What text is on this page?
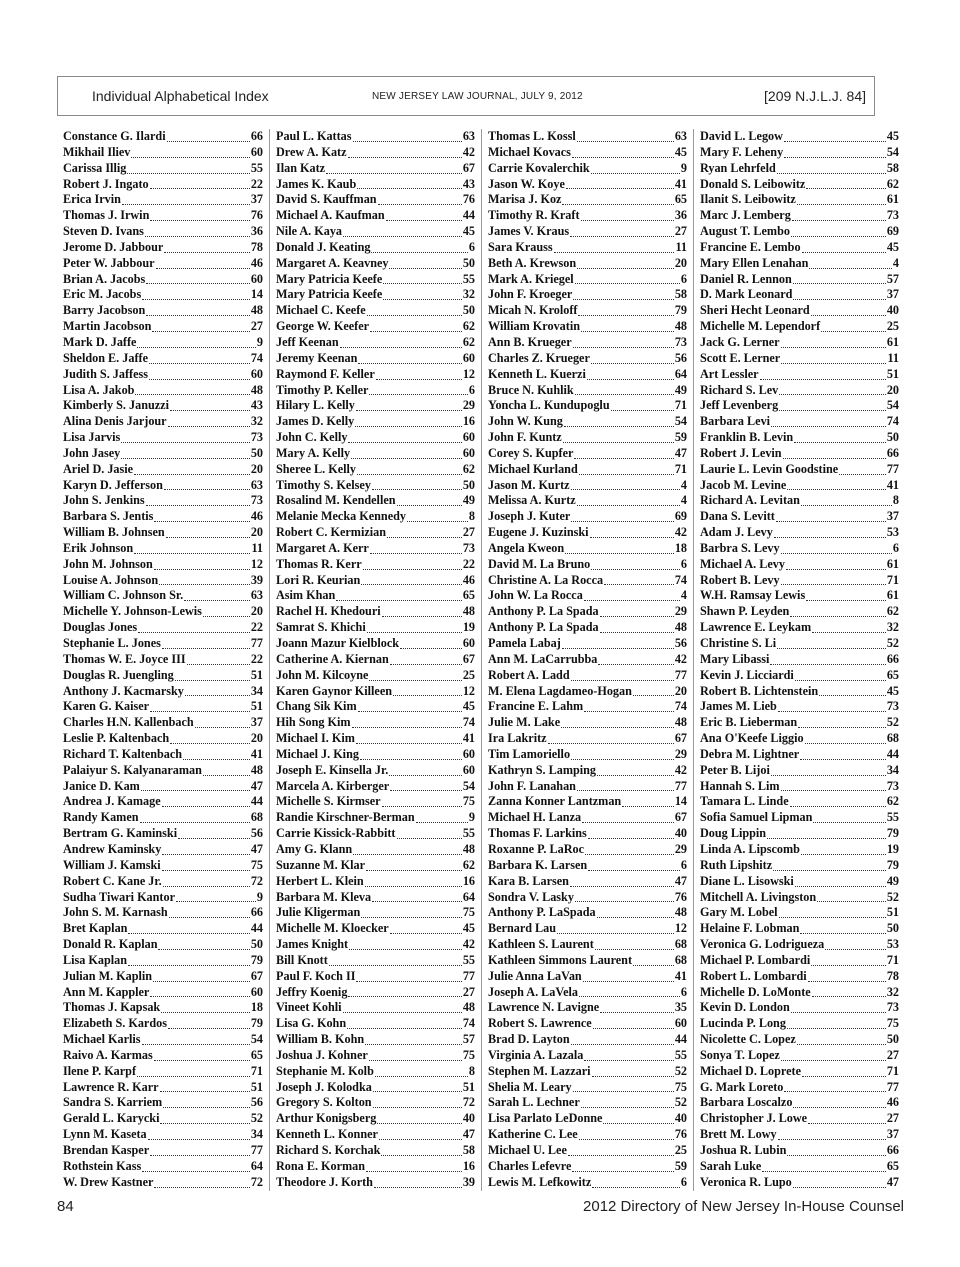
Individual Alphabetical Index	NEW JERSEY LAW JOURNAL, JULY 9, 2012	[209 N.J.L.J. 84]
Constance G. Ilardi	66
Mikhail Iliev	60
Carissa Illig	55
Robert J. Ingato	22
Erica Irvin	37
Thomas J. Irwin	76
Steven D. Ivans	36
Jerome D. Jabbour	78
Peter W. Jabbour	46
Brian A. Jacobs	60
Eric M. Jacobs	14
Barry Jacobson	48
Martin Jacobson	27
Mark D. Jaffe	9
Sheldon E. Jaffe	74
Judith S. Jaffess	60
Lisa A. Jakob	48
Kimberly S. Januzzi	43
Alina Denis Jarjour	32
Lisa Jarvis	73
John Jasey	50
Ariel D. Jasie	20
Karyn D. Jefferson	63
John S. Jenkins	73
Barbara S. Jentis	46
William B. Johnsen	20
Erik Johnson	11
John M. Johnson	12
Louise A. Johnson	39
William C. Johnson Sr.	63
Michelle Y. Johnson-Lewis	20
Douglas Jones	22
Stephanie L. Jones	77
Thomas W. E. Joyce III	22
Douglas R. Juengling	51
Anthony J. Kacmarsky	34
Karen G. Kaiser	51
Charles H.N. Kallenbach	37
Leslie P. Kaltenbach	20
Richard T. Kaltenbach	41
Palaiyur S. Kalyanaraman	48
Janice D. Kam	47
Andrea J. Kamage	44
Randy Kamen	68
Bertram G. Kaminski	56
Andrew Kaminsky	47
William J. Kamski	75
Robert C. Kane Jr.	72
Sudha Tiwari Kantor	9
John S. M. Karnash	66
Bret Kaplan	44
Donald R. Kaplan	50
Lisa Kaplan	79
Julian M. Kaplin	67
Ann M. Kappler	60
Thomas J. Kapsak	18
Elizabeth S. Kardos	79
Michael Karlis	54
Raivo A. Karmas	65
Ilene P. Karpf	71
Lawrence R. Karr	51
Sandra S. Karriem	56
Gerald L. Karycki	52
Lynn M. Kaseta	34
Brendan Kasper	77
Rothstein Kass	64
W. Drew Kastner	72
Paul L. Kattas	63
Drew A. Katz	42
Ilan Katz	67
James K. Kaub	43
David S. Kauffman	76
Michael A. Kaufman	44
Nile A. Kaya	45
Donald J. Keating	6
Margaret A. Keavney	50
Mary Patricia Keefe	55
Mary Patricia Keefe	32
Michael C. Keefe	50
George W. Keefer	62
Jeff Keenan	62
Jeremy Keenan	60
Raymond F. Keller	12
Timothy P. Keller	6
Hilary L. Kelly	29
James D. Kelly	16
John C. Kelly	60
Mary A. Kelly	60
Sheree L. Kelly	62
Timothy S. Kelsey	50
Rosalind M. Kendellen	49
Melanie Mecka Kennedy	8
Robert C. Kermizian	27
Margaret A. Kerr	73
Thomas R. Kerr	22
Lori R. Keurian	46
Asim Khan	65
Rachel H. Khedouri	48
Samrat S. Khichi	19
Joann Mazur Kielblock	60
Catherine A. Kiernan	67
John M. Kilcoyne	25
Karen Gaynor Killeen	12
Chang Sik Kim	45
Hih Song Kim	74
Michael I. Kim	41
Michael J. King	60
Joseph E. Kinsella Jr.	60
Marcela A. Kirberger	54
Michelle S. Kirmser	75
Randie Kirschner-Berman	9
Carrie Kissick-Rabbitt	55
Amy G. Klann	48
Suzanne M. Klar	62
Herbert L. Klein	16
Barbara M. Kleva	64
Julie Kligerman	75
Michelle M. Kloecker	45
James Knight	42
Bill Knott	55
Paul F. Koch II	77
Jeffry Koenig	27
Vineet Kohli	48
Lisa G. Kohn	74
William B. Kohn	57
Joshua J. Kohner	75
Stephanie M. Kolb	8
Joseph J. Kolodka	51
Gregory S. Kolton	72
Arthur Konigsberg	40
Kenneth L. Konner	47
Richard S. Korchak	58
Rona E. Korman	16
Theodore J. Korth	39
Thomas L. Kossl	63
Michael Kovacs	45
Carrie Kovalerchik	9
Jason W. Koye	41
Marisa J. Koz	65
Timothy R. Kraft	36
James V. Kraus	27
Sara Krauss	11
Beth A. Krewson	20
Mark A. Kriegel	6
John F. Kroeger	58
Micah N. Kroloff	79
William Krovatin	48
Ann B. Krueger	73
Charles Z. Krueger	56
Kenneth L. Kuerzi	64
Bruce N. Kuhlik	49
Yoncha L. Kundupoglu	71
John W. Kung	54
John F. Kuntz	59
Corey S. Kupfer	47
Michael Kurland	71
Jason M. Kurtz	4
Melissa A. Kurtz	4
Joseph J. Kuter	69
Eugene J. Kuzinski	42
Angela Kweon	18
David M. La Bruno	6
Christine A. La Rocca	74
John W. La Rocca	4
Anthony P. La Spada	29
Anthony P. La Spada	48
Pamela Labaj	56
Ann M. LaCarrubba	42
Robert A. Ladd	77
M. Elena Lagdameo-Hogan	20
Francine E. Lahm	74
Julie M. Lake	48
Ira Lakritz	67
Tim Lamoriello	29
Kathryn S. Lamping	42
John F. Lanahan	77
Zanna Konner Lantzman	14
Michael H. Lanza	67
Thomas F. Larkins	40
Roxanne P. LaRoc	29
Barbara K. Larsen	6
Kara B. Larsen	47
Sondra V. Lasky	76
Anthony P. LaSpada	48
Bernard Lau	12
Kathleen S. Laurent	68
Kathleen Simmons Laurent	68
Julie Anna LaVan	41
Joseph A. LaVela	6
Lawrence N. Lavigne	35
Robert S. Lawrence	60
Brad D. Layton	44
Virginia A. Lazala	55
Stephen M. Lazzari	52
Shelia M. Leary	75
Sarah L. Lechner	52
Lisa Parlato LeDonne	40
Katherine C. Lee	76
Michael U. Lee	25
Charles Lefevre	59
Lewis M. Lefkowitz	6
David L. Legow	45
Mary F. Leheny	54
Ryan Lehrfeld	58
Donald S. Leibowitz	62
Ilanit S. Leibowitz	61
Marc J. Lemberg	73
August T. Lembo	69
Francine E. Lembo	45
Mary Ellen Lenahan	4
Daniel R. Lennon	57
D. Mark Leonard	37
Sheri Hecht Leonard	40
Michelle M. Lependorf	25
Jack G. Lerner	61
Scott E. Lerner	11
Art Lessler	51
Richard S. Lev	20
Jeff Levenberg	54
Barbara Levi	74
Franklin B. Levin	50
Robert J. Levin	66
Laurie L. Levin Goodstine	77
Jacob M. Levine	41
Richard A. Levitan	8
Dana S. Levitt	37
Adam J. Levy	53
Barbra S. Levy	6
Michael A. Levy	61
Robert B. Levy	71
W.H. Ramsay Lewis	61
Shawn P. Leyden	62
Lawrence E. Leykam	32
Christine S. Li	52
Mary Libassi	66
Kevin J. Licciardi	65
Robert B. Lichtenstein	45
James M. Lieb	73
Eric B. Lieberman	52
Ana O'Keefe Liggio	68
Debra M. Lightner	44
Peter B. Lijoi	34
Hannah S. Lim	73
Tamara L. Linde	62
Sofia Samuel Lipman	55
Doug Lippin	79
Linda A. Lipscomb	19
Ruth Lipshitz	79
Diane L. Lisowski	49
Mitchell A. Livingston	52
Gary M. Lobel	51
Helaine F. Lobman	50
Veronica G. Lodrigueza	53
Michael P. Lombardi	71
Robert L. Lombardi	78
Michelle D. LoMonte	32
Kevin D. London	73
Lucinda P. Long	75
Nicolette C. Lopez	50
Sonya T. Lopez	27
Michael D. Loprete	71
G. Mark Loreto	77
Barbara Loscalzo	46
Christopher J. Lowe	27
Brett M. Lowy	37
Joshua R. Lubin	66
Sarah Luke	65
Veronica R. Lupo	47
84	2012 Directory of New Jersey In-House Counsel
